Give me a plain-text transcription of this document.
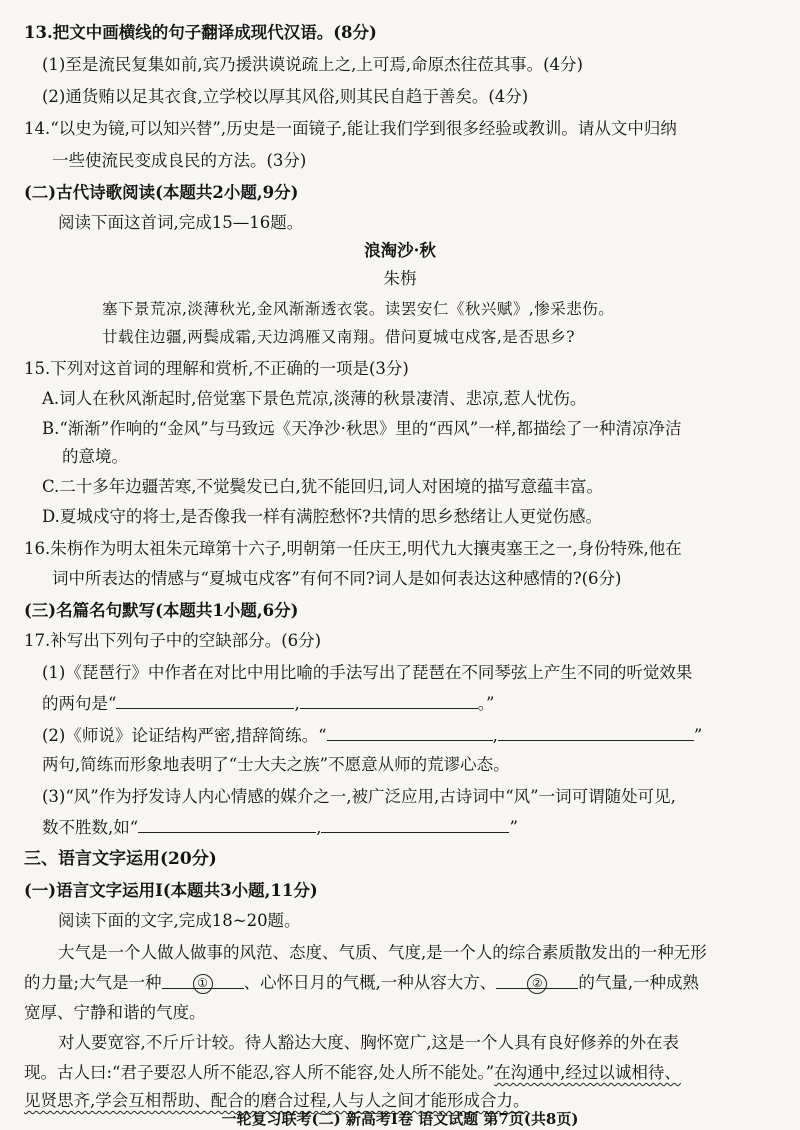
13.把文中画横线的句子翻译成现代汉语。(8分)
(1)至是流民复集如前,宾乃援洪谟说疏上之,上可焉,命原杰往莅其事。(4分)
(2)通货贿以足其衣食,立学校以厚其风俗,则其民自趋于善矣。(4分)
14.“以史为镜,可以知兴替”,历史是一面镜子,能让我们学到很多经验或教训。请从文中归纳
一些使流民变成良民的方法。(3分)
(二)古代诗歌阅读(本题共2小题,9分)
阅读下面这首词,完成15—16题。
浪淘沙·秋
朱栴
塞下景荒凉,淡薄秋光,金风渐渐透衣裳。读罢安仁《秋兴赋》,惨采悲伤。
廿载住边疆,两鬓成霜,天边鸿雁又南翔。借问夏城屯戍客,是否思乡?
15.下列对这首词的理解和赏析,不正确的一项是(3分)
A.词人在秋风渐起时,倍觉塞下景色荒凉,淡薄的秋景凄清、悲凉,惹人忧伤。
B.“渐渐”作响的“金风”与马致远《天净沙·秋思》里的“西风”一样,都描绘了一种清凉净洁
的意境。
C.二十多年边疆苦寒,不觉鬓发已白,犹不能回归,词人对困境的描写意蕴丰富。
D.夏城戍守的将士,是否像我一样有满腔愁怀?共情的思乡愁绪让人更觉伤感。
16.朱栴作为明太祖朱元璋第十六子,明朝第一任庆王,明代九大攘夷塞王之一,身份特殊,他在
词中所表达的情感与“夏城屯戍客”有何不同?词人是如何表达这种感情的?(6分)
(三)名篇名句默写(本题共1小题,6分)
17.补写出下列句子中的空缺部分。(6分)
(1)《琵琶行》中作者在对比中用比喻的手法写出了琵琶在不同琴弦上产生不同的听觉效果
的两句是“	,	。”
(2)《师说》论证结构严密,措辞简练。“	,	”
两句,简练而形象地表明了“士大夫之族”不愿意从师的荒谬心态。
(3)“风”作为抒发诗人内心情感的媒介之一,被广泛应用,古诗词中“风”一词可谓随处可见,
数不胜数,如“	,	”
三、语言文字运用(20分)
(一)语言文字运用Ⅰ(本题共3小题,11分)
阅读下面的文字,完成18~20题。
大气是一个人做人做事的风范、态度、气质、气度,是一个人的综合素质散发出的一种无形
的力量;大气是一种	① 、心怀日月的气概,一种从容大方、	② 的气量,一种成熟
宽厚、宁静和谐的气度。
对人要宽容,不斤斤计较。待人豁达大度、胸怀宽广,这是一个人具有良好修养的外在表
现。古人曰:“君子要忍人所不能忍,容人所不能容,处人所不能处。”在沟通中,经过以诚相待、
见贤思齐,学会互相帮助、配合的磨合过程,人与人之间才能形成合力。
一轮复习联考(二) 新高考Ⅰ卷 语文试题 第7页(共8页)
